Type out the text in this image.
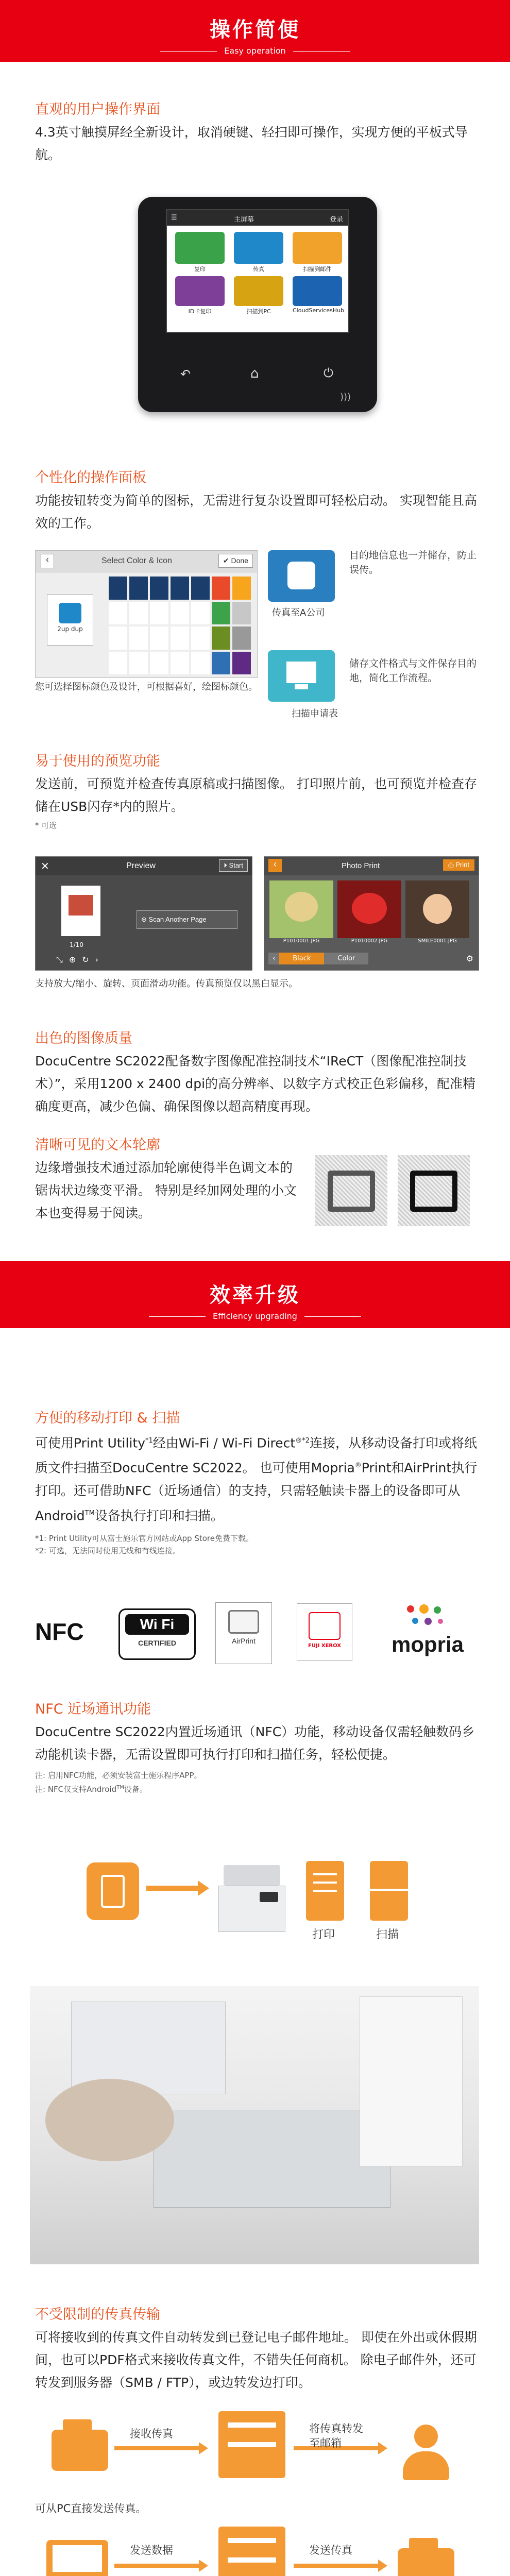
操作简便
Easy operation
直观的用户操作界面
4.3英寸触摸屏经全新设计，取消硬键、轻扫即可操作，实现方便的平板式导航。
☰	主屏幕	登录
复印	传真	扫描到邮件
ID卡复印	扫描到PC	CloudServicesHub
↶	⌂	⏻
)))
个性化的操作面板
功能按钮转变为简单的图标，无需进行复杂设置即可轻松启动。 实现智能且高效的工作。
‹	Select Color & Icon	✔ Done
2up dup
您可选择图标颜色及设计，可根据喜好，绘图标颜色。
传真至A公司
目的地信息也一并储存，防止误传。
扫描申请表
储存文件格式与文件保存目的地，简化工作流程。
易于使用的预览功能
发送前，可预览并检查传真原稿或扫描图像。 打印照片前，也可预览并检查存储在USB闪存*内的照片。
* 可选
✕	Preview	⏵ Start
1/10
⊕ Scan Another Page
⤡⊕↻›
‹	Photo Print	⎙ Print
P1010001.JPG	P1010002.JPG	SMILE0001.JPG
‹	Black	Color	⚙
支持放大/缩小、旋转、页面滑动功能。传真预览仅以黑白显示。
出色的图像质量
DocuCentre SC2022配备数字图像配准控制技术“IReCT（图像配准控制技术）”，采用1200 x 2400 dpi的高分辨率、以数字方式校正色彩偏移，配准精确度更高，减少色偏、确保图像以超高精度再现。
清晰可见的文本轮廓
边缘增强技术通过添加轮廓使得半色调文本的锯齿状边缘变平滑。 特别是经加网处理的小文本也变得易于阅读。
效率升级
Efficiency upgrading
方便的移动打印 & 扫描
可使用Print Utility$^{*1}$经由Wi-Fi / Wi-Fi Direct$^{®*2}$连接，从移动设备打印或将纸质文件扫描至DocuCentre SC2022。 也可使用Mopria®Print和AirPrint执行打印。还可借助NFC（近场通信）的支持，只需轻触读卡器上的设备即可从Android™设备执行打印和扫描。
*1: Print Utility可从富士施乐官方网站或App Store免费下载。
*2: 可选，无法同时使用无线和有线连接。
NFC	Wi Fi
CERTIFIED	AirPrint
FUJI XEROX	mopria
NFC 近场通讯功能
DocuCentre SC2022内置近场通讯（NFC）功能，移动设备仅需轻触数码乡动能机读卡器，无需设置即可执行打印和扫描任务，轻松便捷。
注: 启用NFC功能，必须安装富士施乐程序APP。
注: NFC仅支持Android™设备。
打印	扫描
不受限制的传真传输
可将接收到的传真文件自动转发到已登记电子邮件地址。 即使在外出或休假期间，也可以PDF格式来接收传真文件，不错失任何商机。 除电子邮件外，还可转发到服务器（SMB / FTP），或边转发边打印。
接收传真	将传真转发至邮箱
可从PC直接发送传真。
发送数据	发送传真
